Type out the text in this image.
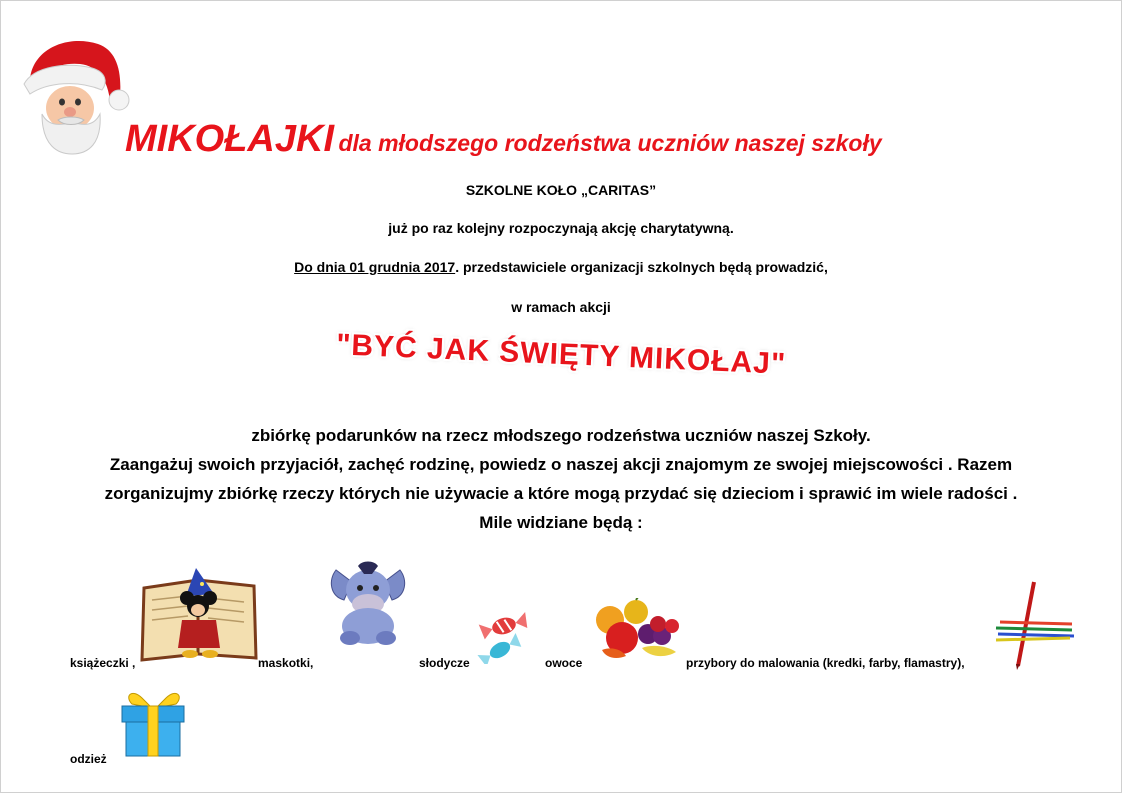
MIKOŁAJKI dla młodszego rodzeństwa uczniów naszej szkoły
SZKOLNE KOŁO „CARITAS”
już po raz kolejny rozpoczynają akcję charytatywną.
Do dnia 01 grudnia 2017. przedstawiciele organizacji szkolnych będą prowadzić,
w ramach akcji
"BYĆ JAK ŚWIĘTY MIKOŁAJ"
zbiórkę podarunków na rzecz młodszego rodzeństwa uczniów naszej Szkoły.
Zaangażuj swoich przyjaciół, zachęć rodzinę, powiedz o naszej akcji znajomym ze swojej miejscowości . Razem
zorganizujmy zbiórkę rzeczy których nie używacie a które mogą przydać się dzieciom i sprawić im wiele radości .
Mile widziane będą :
książeczki ,	maskotki,	słodycze	owoce	przybory do malowania (kredki, farby, flamastry),
odzież
